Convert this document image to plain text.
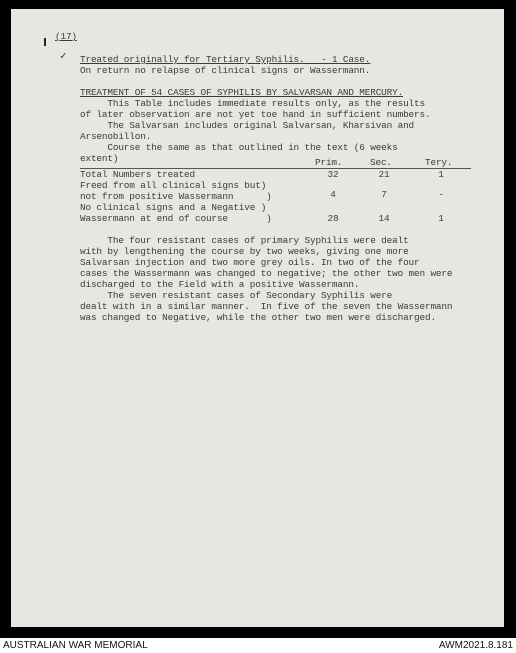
(17)
✓ Treated originally for Tertiary Syphilis.   - 1 Case.
On return no relapse of clinical signs or Wassermann.
TREATMENT OF 54 CASES OF SYPHILIS BY SALVARSAN AND MERCURY.
This Table includes immediate results only, as the results
of later observation are not yet toe hand in sufficient numbers.
The Salvarsan includes original Salvarsan, Kharsivan and
Arsenobillon.
Course the same as that outlined in the text (6 weeks
extent)	Prim.	Sec.	Tery.
Total Numbers treated	32	21	1
Freed from all clinical signs but)
not from positive Wassermann      )	4	7	-
No clinical signs and a Negative )
Wassermann at end of course       )	28	14	1
The four resistant cases of primary Syphilis were dealt
with by lengthening the course by two weeks, giving one more
Salvarsan injection and two more grey oils. In two of the four
cases the Wassermann was changed to negative; the other two men were
discharged to the Field with a positive Wassermann.
The seven resistant cases of Secondary Syphilis were
dealt with in a similar manner.  In five of the seven the Wassermann
was changed to Negative, while the other two men were discharged.
AUSTRALIAN WAR MEMORIAL	AWM2021.8.181
